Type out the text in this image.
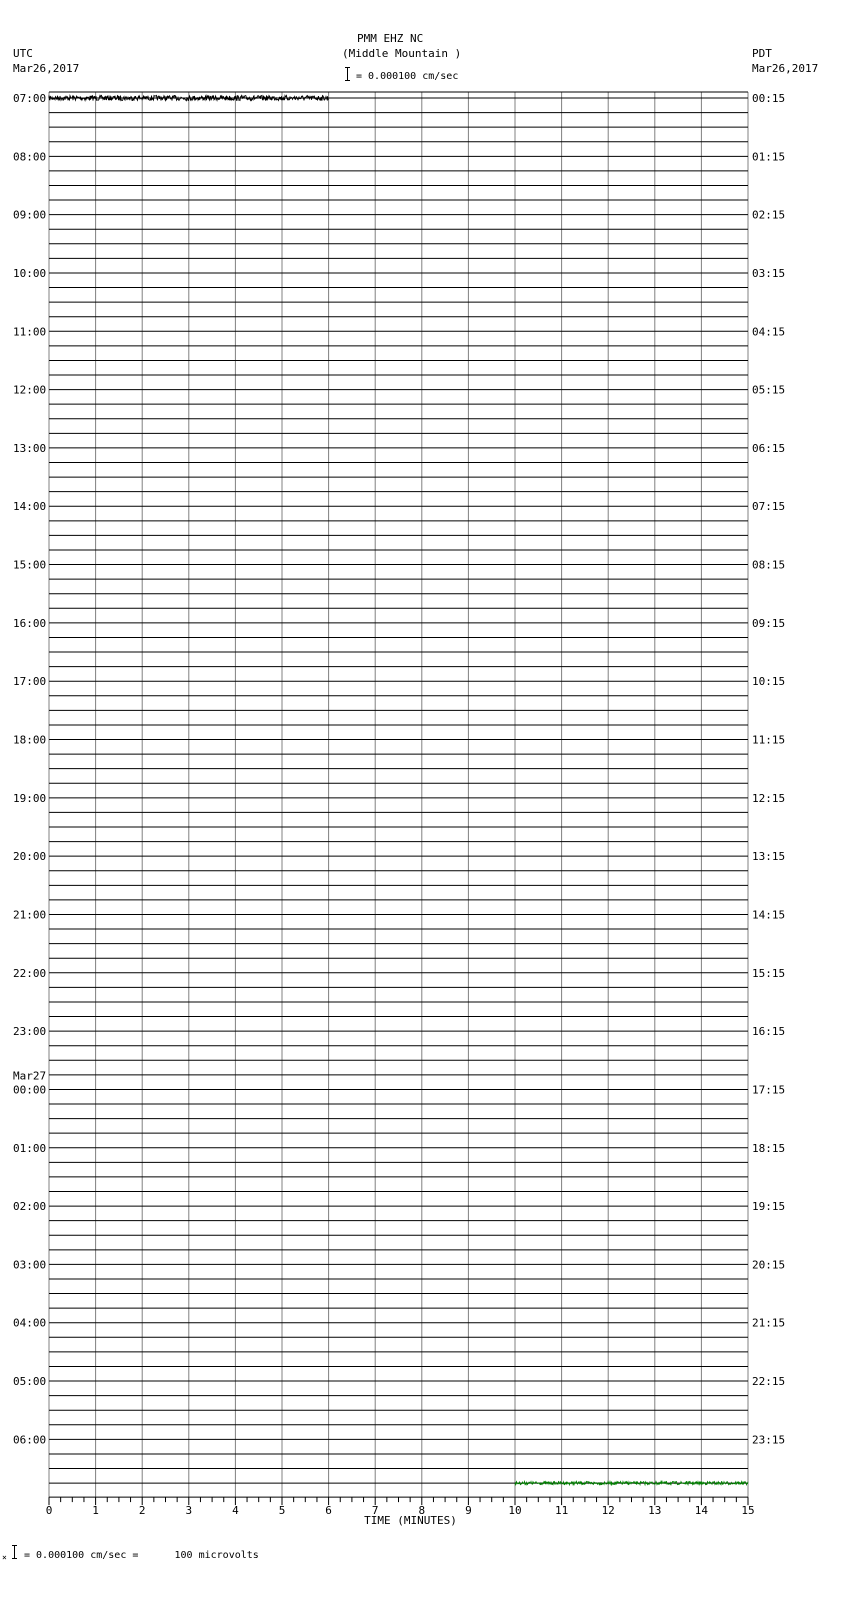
PMM EHZ NC
(Middle Mountain )
= 0.000100 cm/sec
UTC
Mar26,2017
PDT
Mar26,2017
0	1	2	3	4	5	6	7	8	9	10	11	12	13	14	15
TIME (MINUTES)
07:00
08:00
09:00
10:00
11:00
12:00
13:00
14:00
15:00
16:00
17:00
18:00
19:00
20:00
21:00
22:00
23:00
Mar27
00:00
01:00
02:00
03:00
04:00
05:00
06:00
00:15
01:15
02:15
03:15
04:15
05:15
06:15
07:15
08:15
09:15
10:15
11:15
12:15
13:15
14:15
15:15
16:15
17:15
18:15
19:15
20:15
21:15
22:15
23:15
⨯ = 0.000100 cm/sec =      100 microvolts
